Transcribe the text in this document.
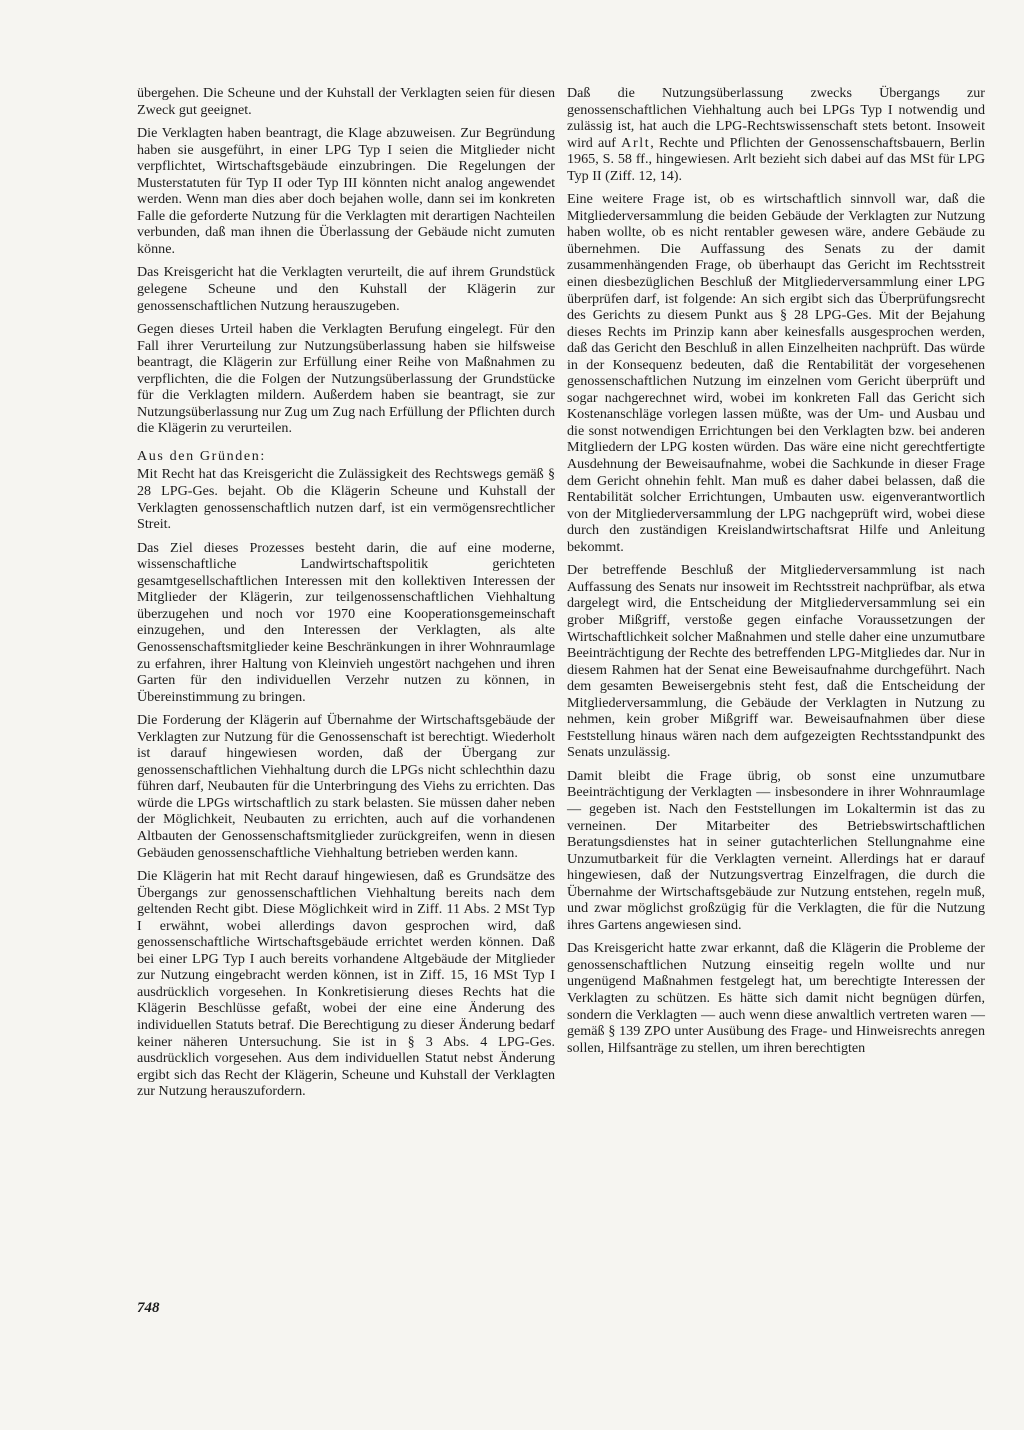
übergehen. Die Scheune und der Kuhstall der Verklagten seien für diesen Zweck gut geeignet.

Die Verklagten haben beantragt, die Klage abzuweisen. Zur Begründung haben sie ausgeführt, in einer LPG Typ I seien die Mitglieder nicht verpflichtet, Wirtschaftsgebäude einzubringen. Die Regelungen der Musterstatuten für Typ II oder Typ III könnten nicht analog angewendet werden. Wenn man dies aber doch bejahen wolle, dann sei im konkreten Falle die geforderte Nutzung für die Verklagten mit derartigen Nachteilen verbunden, daß man ihnen die Überlassung der Gebäude nicht zumuten könne.

Das Kreisgericht hat die Verklagten verurteilt, die auf ihrem Grundstück gelegene Scheune und den Kuhstall der Klägerin zur genossenschaftlichen Nutzung herauszugeben.

Gegen dieses Urteil haben die Verklagten Berufung eingelegt. Für den Fall ihrer Verurteilung zur Nutzungsüberlassung haben sie hilfsweise beantragt, die Klägerin zur Erfüllung einer Reihe von Maßnahmen zu verpflichten, die die Folgen der Nutzungsüberlassung der Grundstücke für die Verklagten mildern. Außerdem haben sie beantragt, sie zur Nutzungsüberlassung nur Zug um Zug nach Erfüllung der Pflichten durch die Klägerin zu verurteilen.

Aus den Gründen:

Mit Recht hat das Kreisgericht die Zulässigkeit des Rechtswegs gemäß § 28 LPG-Ges. bejaht. Ob die Klägerin Scheune und Kuhstall der Verklagten genossenschaftlich nutzen darf, ist ein vermögensrechtlicher Streit.

Das Ziel dieses Prozesses besteht darin, die auf eine moderne, wissenschaftliche Landwirtschaftspolitik gerichteten gesamtgesellschaftlichen Interessen mit den kollektiven Interessen der Mitglieder der Klägerin, zur teilgenossenschaftlichen Viehhaltung überzugehen und noch vor 1970 eine Kooperationsgemeinschaft einzugehen, und den Interessen der Verklagten, als alte Genossenschaftsmitglieder keine Beschränkungen in ihrer Wohnraumlage zu erfahren, ihrer Haltung von Kleinvieh ungestört nachgehen und ihren Garten für den individuellen Verzehr nutzen zu können, in Übereinstimmung zu bringen.

Die Forderung der Klägerin auf Übernahme der Wirtschaftsgebäude der Verklagten zur Nutzung für die Genossenschaft ist berechtigt. Wiederholt ist darauf hingewiesen worden, daß der Übergang zur genossenschaftlichen Viehhaltung durch die LPGs nicht schlechthin dazu führen darf, Neubauten für die Unterbringung des Viehs zu errichten. Das würde die LPGs wirtschaftlich zu stark belasten. Sie müssen daher neben der Möglichkeit, Neubauten zu errichten, auch auf die vorhandenen Altbauten der Genossenschaftsmitglieder zurückgreifen, wenn in diesen Gebäuden genossenschaftliche Viehhaltung betrieben werden kann.

Die Klägerin hat mit Recht darauf hingewiesen, daß es Grundsätze des Übergangs zur genossenschaftlichen Viehhaltung bereits nach dem geltenden Recht gibt. Diese Möglichkeit wird in Ziff. 11 Abs. 2 MSt Typ I erwähnt, wobei allerdings davon gesprochen wird, daß genossenschaftliche Wirtschaftsgebäude errichtet werden können. Daß bei einer LPG Typ I auch bereits vorhandene Altgebäude der Mitglieder zur Nutzung eingebracht werden können, ist in Ziff. 15, 16 MSt Typ I ausdrücklich vorgesehen. In Konkretisierung dieses Rechts hat die Klägerin Beschlüsse gefaßt, wobei der eine eine Änderung des individuellen Statuts betraf. Die Berechtigung zu dieser Änderung bedarf keiner näheren Untersuchung. Sie ist in § 3 Abs. 4 LPG-Ges. ausdrücklich vorgesehen. Aus dem individuellen Statut nebst Änderung ergibt sich das Recht der Klägerin, Scheune und Kuhstall der Verklagten zur Nutzung herauszufordern.

Daß die Nutzungsüberlassung zwecks Übergangs zur genossenschaftlichen Viehhaltung auch bei LPGs Typ I notwendig und zulässig ist, hat auch die LPG-Rechtswissenschaft stets betont. Insoweit wird auf Arlt, Rechte und Pflichten der Genossenschaftsbauern, Berlin 1965, S. 58 ff., hingewiesen. Arlt bezieht sich dabei auf das MSt für LPG Typ II (Ziff. 12, 14).

Eine weitere Frage ist, ob es wirtschaftlich sinnvoll war, daß die Mitgliederversammlung die beiden Gebäude der Verklagten zur Nutzung haben wollte, ob es nicht rentabler gewesen wäre, andere Gebäude zu übernehmen. Die Auffassung des Senats zu der damit zusammenhängenden Frage, ob überhaupt das Gericht im Rechtsstreit einen diesbezüglichen Beschluß der Mitgliederversammlung einer LPG überprüfen darf, ist folgende: An sich ergibt sich das Überprüfungsrecht des Gerichts zu diesem Punkt aus § 28 LPG-Ges. Mit der Bejahung dieses Rechts im Prinzip kann aber keinesfalls ausgesprochen werden, daß das Gericht den Beschluß in allen Einzelheiten nachprüft. Das würde in der Konsequenz bedeuten, daß die Rentabilität der vorgesehenen genossenschaftlichen Nutzung im einzelnen vom Gericht überprüft und sogar nachgerechnet wird, wobei im konkreten Fall das Gericht sich Kostenanschläge vorlegen lassen müßte, was der Um- und Ausbau und die sonst notwendigen Errichtungen bei den Verklagten bzw. bei anderen Mitgliedern der LPG kosten würden. Das wäre eine nicht gerechtfertigte Ausdehnung der Beweisaufnahme, wobei die Sachkunde in dieser Frage dem Gericht ohnehin fehlt. Man muß es daher dabei belassen, daß die Rentabilität solcher Errichtungen, Umbauten usw. eigenverantwortlich von der Mitgliederversammlung der LPG nachgeprüft wird, wobei diese durch den zuständigen Kreislandwirtschaftsrat Hilfe und Anleitung bekommt.

Der betreffende Beschluß der Mitgliederversammlung ist nach Auffassung des Senats nur insoweit im Rechtsstreit nachprüfbar, als etwa dargelegt wird, die Entscheidung der Mitgliederversammlung sei ein grober Mißgriff, verstoße gegen einfache Voraussetzungen der Wirtschaftlichkeit solcher Maßnahmen und stelle daher eine unzumutbare Beeinträchtigung der Rechte des betreffenden LPG-Mitgliedes dar. Nur in diesem Rahmen hat der Senat eine Beweisaufnahme durchgeführt. Nach dem gesamten Beweisergebnis steht fest, daß die Entscheidung der Mitgliederversammlung, die Gebäude der Verklagten in Nutzung zu nehmen, kein grober Mißgriff war. Beweisaufnahmen über diese Feststellung hinaus wären nach dem aufgezeigten Rechtsstandpunkt des Senats unzulässig.

Damit bleibt die Frage übrig, ob sonst eine unzumutbare Beeinträchtigung der Verklagten — insbesondere in ihrer Wohnraumlage — gegeben ist. Nach den Feststellungen im Lokaltermin ist das zu verneinen. Der Mitarbeiter des Betriebswirtschaftlichen Beratungsdienstes hat in seiner gutachterlichen Stellungnahme eine Unzumutbarkeit für die Verklagten verneint. Allerdings hat er darauf hingewiesen, daß der Nutzungsvertrag Einzelfragen, die durch die Übernahme der Wirtschaftsgebäude zur Nutzung entstehen, regeln muß, und zwar möglichst großzügig für die Verklagten, die für die Nutzung ihres Gartens angewiesen sind.

Das Kreisgericht hatte zwar erkannt, daß die Klägerin die Probleme der genossenschaftlichen Nutzung einseitig regeln wollte und nur ungenügend Maßnahmen festgelegt hat, um berechtigte Interessen der Verklagten zu schützen. Es hätte sich damit nicht begnügen dürfen, sondern die Verklagten — auch wenn diese anwaltlich vertreten waren — gemäß § 139 ZPO unter Ausübung des Frage- und Hinweisrechts anregen sollen, Hilfsanträge zu stellen, um ihren berechtigten

748
